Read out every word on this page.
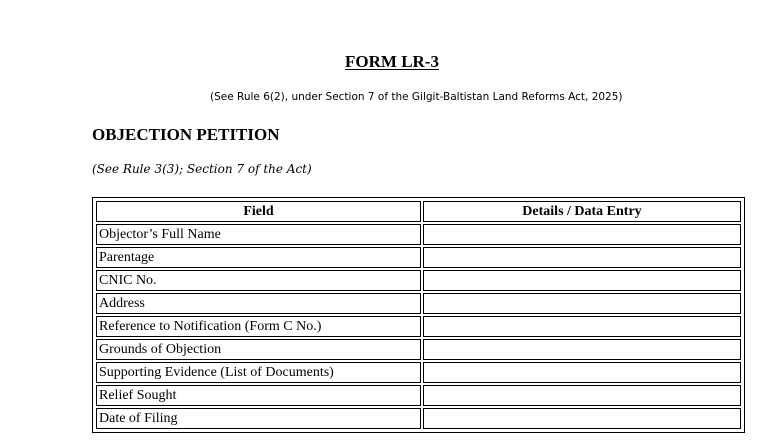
FORM LR-3
(See Rule 6(2), under Section 7 of the Gilgit-Baltistan Land Reforms Act, 2025)
OBJECTION PETITION
(See Rule 3(3); Section 7 of the Act)
Field	Details / Data Entry
Objector’s Full Name	
Parentage	
CNIC No.	
Address	
Reference to Notification (Form C No.)	
Grounds of Objection	
Supporting Evidence (List of Documents)	
Relief Sought	
Date of Filing	
